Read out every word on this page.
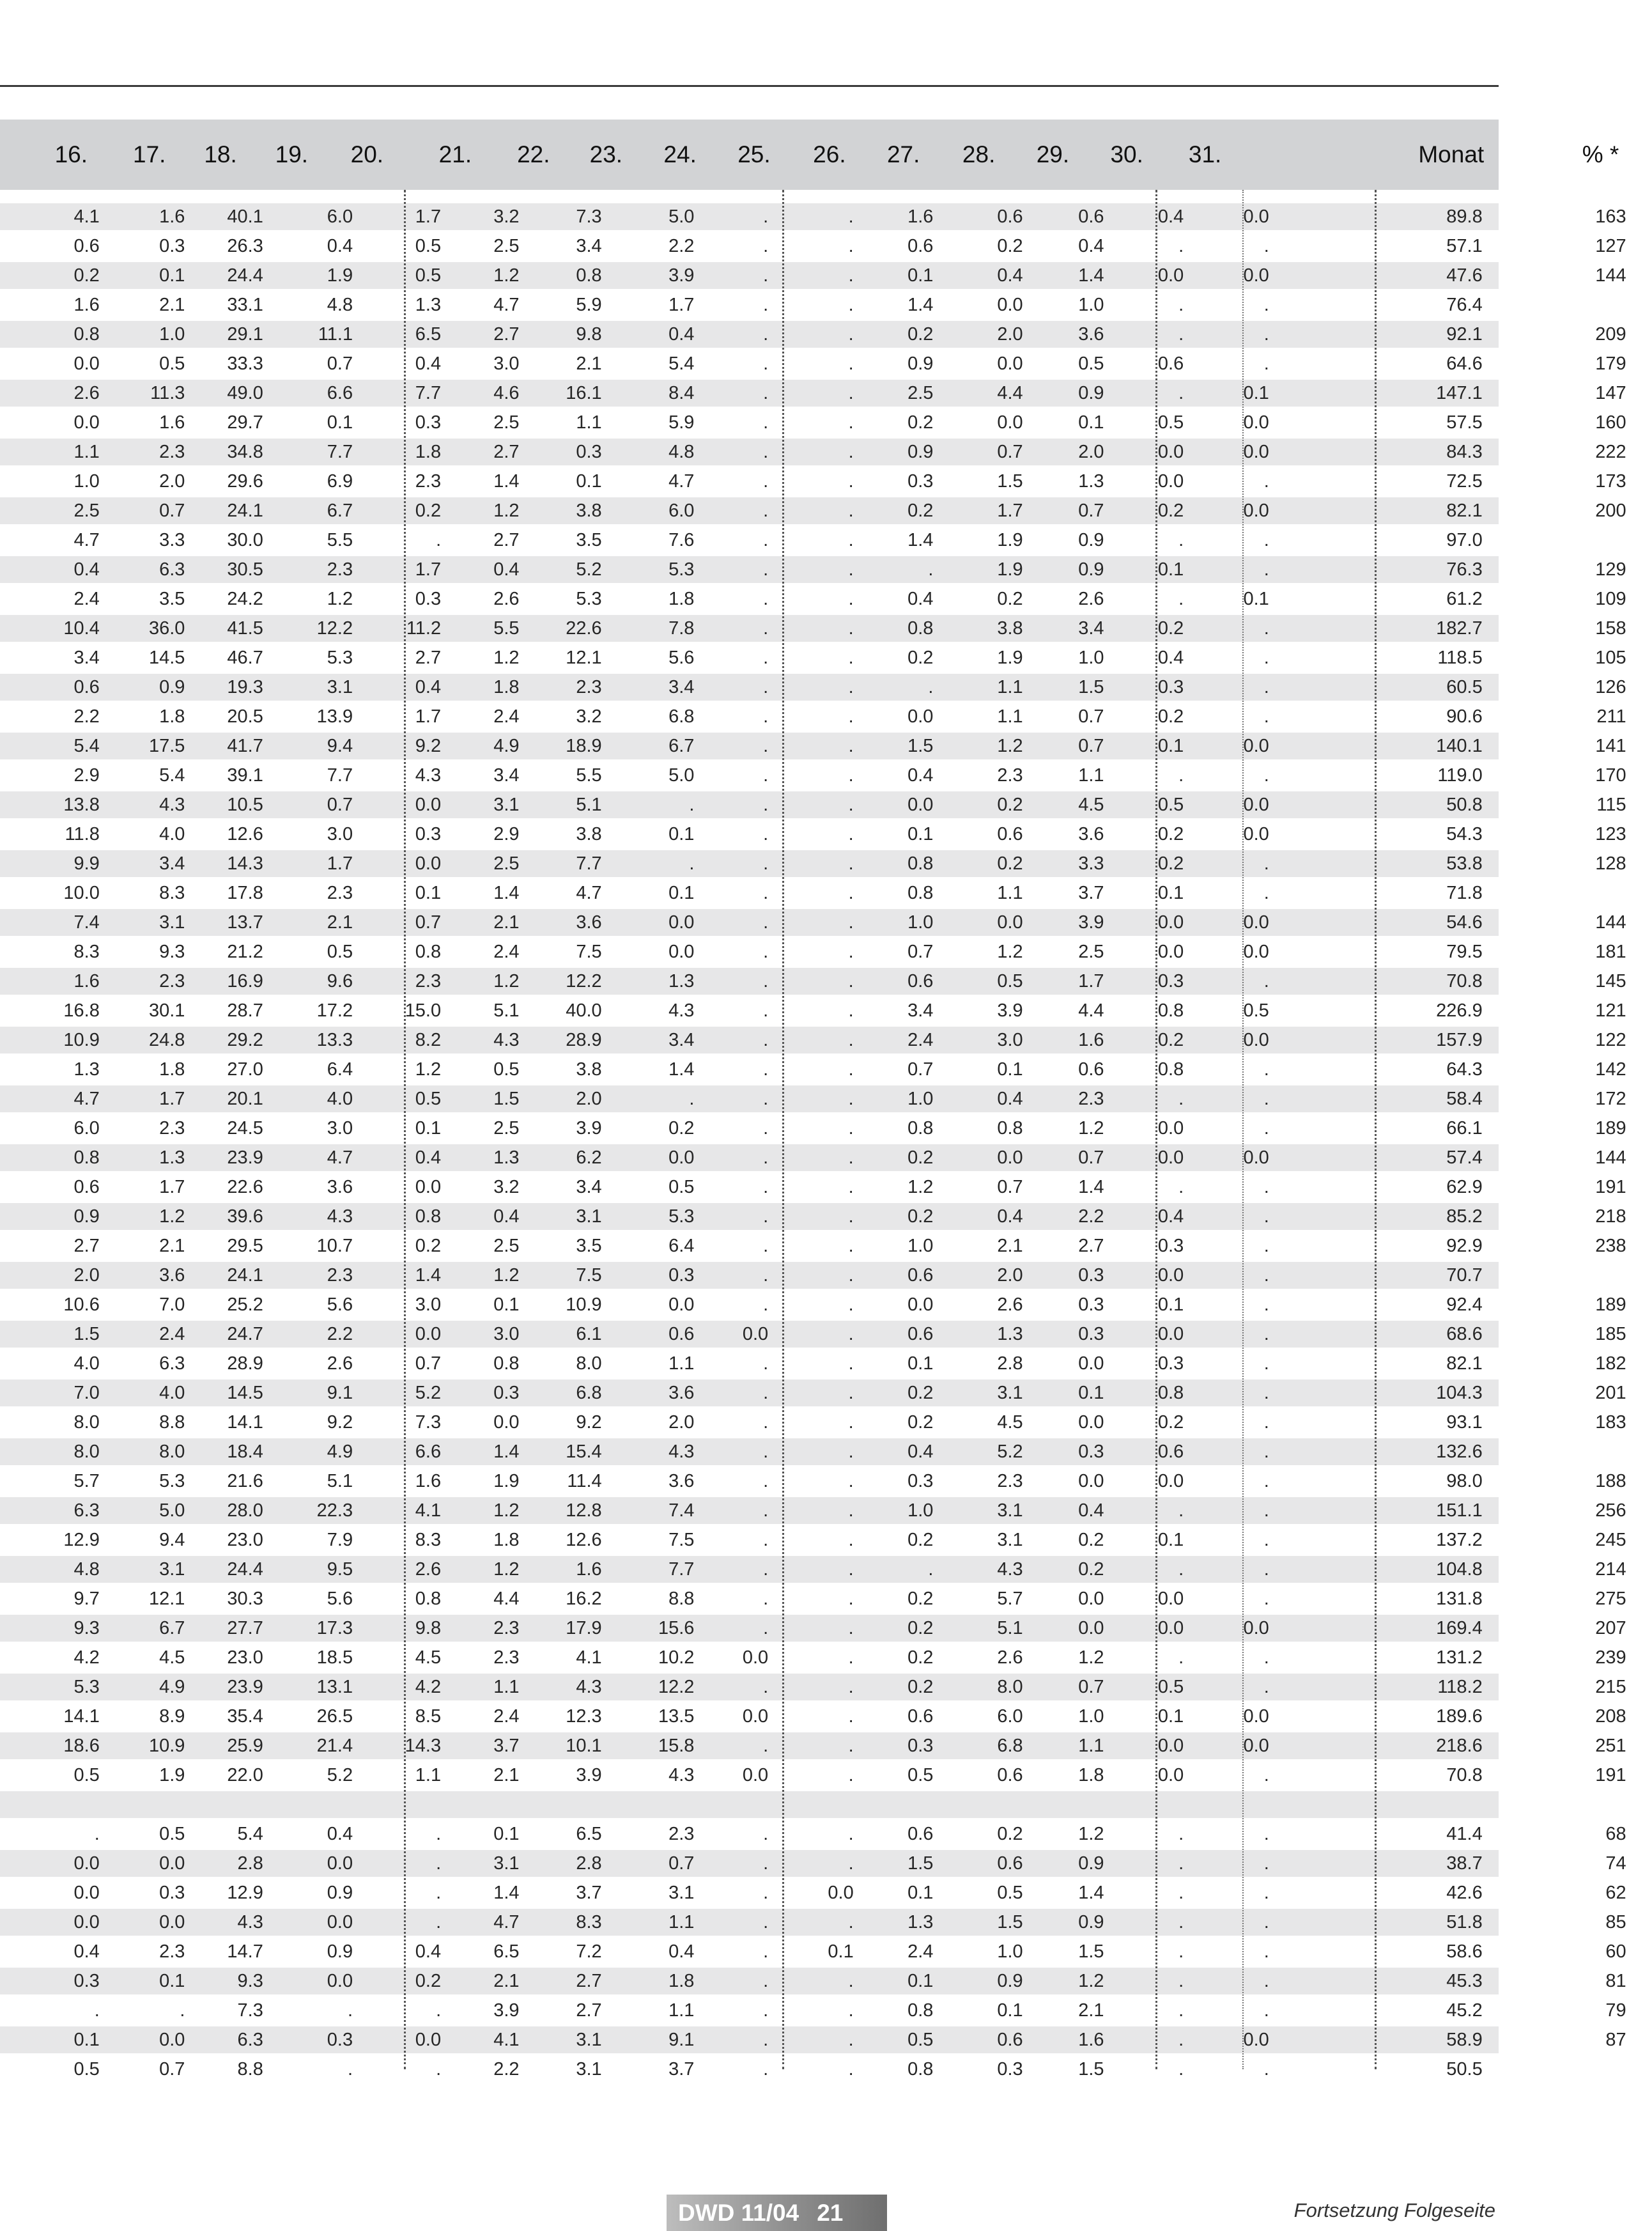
16.	17.	18.	19.	20.	21.	22.	23.	24.	25.	26.	27.	28.	29.	30.	31.	Monat	% *
4.1	1.6	40.1	6.0	1.7	3.2	7.3	5.0	.	.	1.6	0.6	0.6	0.4	0.0	89.8	163
0.6	0.3	26.3	0.4	0.5	2.5	3.4	2.2	.	.	0.6	0.2	0.4	.	.	57.1	127
0.2	0.1	24.4	1.9	0.5	1.2	0.8	3.9	.	.	0.1	0.4	1.4	0.0	0.0	47.6	144
1.6	2.1	33.1	4.8	1.3	4.7	5.9	1.7	.	.	1.4	0.0	1.0	.	.	76.4
0.8	1.0	29.1	11.1	6.5	2.7	9.8	0.4	.	.	0.2	2.0	3.6	.	.	92.1	209
0.0	0.5	33.3	0.7	0.4	3.0	2.1	5.4	.	.	0.9	0.0	0.5	0.6	.	64.6	179
2.6	11.3	49.0	6.6	7.7	4.6	16.1	8.4	.	.	2.5	4.4	0.9	.	0.1	147.1	147
0.0	1.6	29.7	0.1	0.3	2.5	1.1	5.9	.	.	0.2	0.0	0.1	0.5	0.0	57.5	160
1.1	2.3	34.8	7.7	1.8	2.7	0.3	4.8	.	.	0.9	0.7	2.0	0.0	0.0	84.3	222
1.0	2.0	29.6	6.9	2.3	1.4	0.1	4.7	.	.	0.3	1.5	1.3	0.0	.	72.5	173
2.5	0.7	24.1	6.7	0.2	1.2	3.8	6.0	.	.	0.2	1.7	0.7	0.2	0.0	82.1	200
4.7	3.3	30.0	5.5	.	2.7	3.5	7.6	.	.	1.4	1.9	0.9	.	.	97.0
0.4	6.3	30.5	2.3	1.7	0.4	5.2	5.3	.	.	.	1.9	0.9	0.1	.	76.3	129
2.4	3.5	24.2	1.2	0.3	2.6	5.3	1.8	.	.	0.4	0.2	2.6	.	0.1	61.2	109
10.4	36.0	41.5	12.2	11.2	5.5	22.6	7.8	.	.	0.8	3.8	3.4	0.2	.	182.7	158
3.4	14.5	46.7	5.3	2.7	1.2	12.1	5.6	.	.	0.2	1.9	1.0	0.4	.	118.5	105
0.6	0.9	19.3	3.1	0.4	1.8	2.3	3.4	.	.	.	1.1	1.5	0.3	.	60.5	126
2.2	1.8	20.5	13.9	1.7	2.4	3.2	6.8	.	.	0.0	1.1	0.7	0.2	.	90.6	211
5.4	17.5	41.7	9.4	9.2	4.9	18.9	6.7	.	.	1.5	1.2	0.7	0.1	0.0	140.1	141
2.9	5.4	39.1	7.7	4.3	3.4	5.5	5.0	.	.	0.4	2.3	1.1	.	.	119.0	170
13.8	4.3	10.5	0.7	0.0	3.1	5.1	.	.	.	0.0	0.2	4.5	0.5	0.0	50.8	115
11.8	4.0	12.6	3.0	0.3	2.9	3.8	0.1	.	.	0.1	0.6	3.6	0.2	0.0	54.3	123
9.9	3.4	14.3	1.7	0.0	2.5	7.7	.	.	.	0.8	0.2	3.3	0.2	.	53.8	128
10.0	8.3	17.8	2.3	0.1	1.4	4.7	0.1	.	.	0.8	1.1	3.7	0.1	.	71.8
7.4	3.1	13.7	2.1	0.7	2.1	3.6	0.0	.	.	1.0	0.0	3.9	0.0	0.0	54.6	144
8.3	9.3	21.2	0.5	0.8	2.4	7.5	0.0	.	.	0.7	1.2	2.5	0.0	0.0	79.5	181
1.6	2.3	16.9	9.6	2.3	1.2	12.2	1.3	.	.	0.6	0.5	1.7	0.3	.	70.8	145
16.8	30.1	28.7	17.2	15.0	5.1	40.0	4.3	.	.	3.4	3.9	4.4	0.8	0.5	226.9	121
10.9	24.8	29.2	13.3	8.2	4.3	28.9	3.4	.	.	2.4	3.0	1.6	0.2	0.0	157.9	122
1.3	1.8	27.0	6.4	1.2	0.5	3.8	1.4	.	.	0.7	0.1	0.6	0.8	.	64.3	142
4.7	1.7	20.1	4.0	0.5	1.5	2.0	.	.	.	1.0	0.4	2.3	.	.	58.4	172
6.0	2.3	24.5	3.0	0.1	2.5	3.9	0.2	.	.	0.8	0.8	1.2	0.0	.	66.1	189
0.8	1.3	23.9	4.7	0.4	1.3	6.2	0.0	.	.	0.2	0.0	0.7	0.0	0.0	57.4	144
0.6	1.7	22.6	3.6	0.0	3.2	3.4	0.5	.	.	1.2	0.7	1.4	.	.	62.9	191
0.9	1.2	39.6	4.3	0.8	0.4	3.1	5.3	.	.	0.2	0.4	2.2	0.4	.	85.2	218
2.7	2.1	29.5	10.7	0.2	2.5	3.5	6.4	.	.	1.0	2.1	2.7	0.3	.	92.9	238
2.0	3.6	24.1	2.3	1.4	1.2	7.5	0.3	.	.	0.6	2.0	0.3	0.0	.	70.7
10.6	7.0	25.2	5.6	3.0	0.1	10.9	0.0	.	.	0.0	2.6	0.3	0.1	.	92.4	189
1.5	2.4	24.7	2.2	0.0	3.0	6.1	0.6	0.0	.	0.6	1.3	0.3	0.0	.	68.6	185
4.0	6.3	28.9	2.6	0.7	0.8	8.0	1.1	.	.	0.1	2.8	0.0	0.3	.	82.1	182
7.0	4.0	14.5	9.1	5.2	0.3	6.8	3.6	.	.	0.2	3.1	0.1	0.8	.	104.3	201
8.0	8.8	14.1	9.2	7.3	0.0	9.2	2.0	.	.	0.2	4.5	0.0	0.2	.	93.1	183
8.0	8.0	18.4	4.9	6.6	1.4	15.4	4.3	.	.	0.4	5.2	0.3	0.6	.	132.6
5.7	5.3	21.6	5.1	1.6	1.9	11.4	3.6	.	.	0.3	2.3	0.0	0.0	.	98.0	188
6.3	5.0	28.0	22.3	4.1	1.2	12.8	7.4	.	.	1.0	3.1	0.4	.	.	151.1	256
12.9	9.4	23.0	7.9	8.3	1.8	12.6	7.5	.	.	0.2	3.1	0.2	0.1	.	137.2	245
4.8	3.1	24.4	9.5	2.6	1.2	1.6	7.7	.	.	.	4.3	0.2	.	.	104.8	214
9.7	12.1	30.3	5.6	0.8	4.4	16.2	8.8	.	.	0.2	5.7	0.0	0.0	.	131.8	275
9.3	6.7	27.7	17.3	9.8	2.3	17.9	15.6	.	.	0.2	5.1	0.0	0.0	0.0	169.4	207
4.2	4.5	23.0	18.5	4.5	2.3	4.1	10.2	0.0	.	0.2	2.6	1.2	.	.	131.2	239
5.3	4.9	23.9	13.1	4.2	1.1	4.3	12.2	.	.	0.2	8.0	0.7	0.5	.	118.2	215
14.1	8.9	35.4	26.5	8.5	2.4	12.3	13.5	0.0	.	0.6	6.0	1.0	0.1	0.0	189.6	208
18.6	10.9	25.9	21.4	14.3	3.7	10.1	15.8	.	.	0.3	6.8	1.1	0.0	0.0	218.6	251
0.5	1.9	22.0	5.2	1.1	2.1	3.9	4.3	0.0	.	0.5	0.6	1.8	0.0	.	70.8	191
.	0.5	5.4	0.4	.	0.1	6.5	2.3	.	.	0.6	0.2	1.2	.	.	41.4	68
0.0	0.0	2.8	0.0	.	3.1	2.8	0.7	.	.	1.5	0.6	0.9	.	.	38.7	74
0.0	0.3	12.9	0.9	.	1.4	3.7	3.1	.	0.0	0.1	0.5	1.4	.	.	42.6	62
0.0	0.0	4.3	0.0	.	4.7	8.3	1.1	.	.	1.3	1.5	0.9	.	.	51.8	85
0.4	2.3	14.7	0.9	0.4	6.5	7.2	0.4	.	0.1	2.4	1.0	1.5	.	.	58.6	60
0.3	0.1	9.3	0.0	0.2	2.1	2.7	1.8	.	.	0.1	0.9	1.2	.	.	45.3	81
.	.	7.3	.	.	3.9	2.7	1.1	.	.	0.8	0.1	2.1	.	.	45.2	79
0.1	0.0	6.3	0.3	0.0	4.1	3.1	9.1	.	.	0.5	0.6	1.6	.	0.0	58.9	87
0.5	0.7	8.8	.	.	2.2	3.1	3.7	.	.	0.8	0.3	1.5	.	.	50.5
DWD 11/04 21	Fortsetzung Folgeseite
